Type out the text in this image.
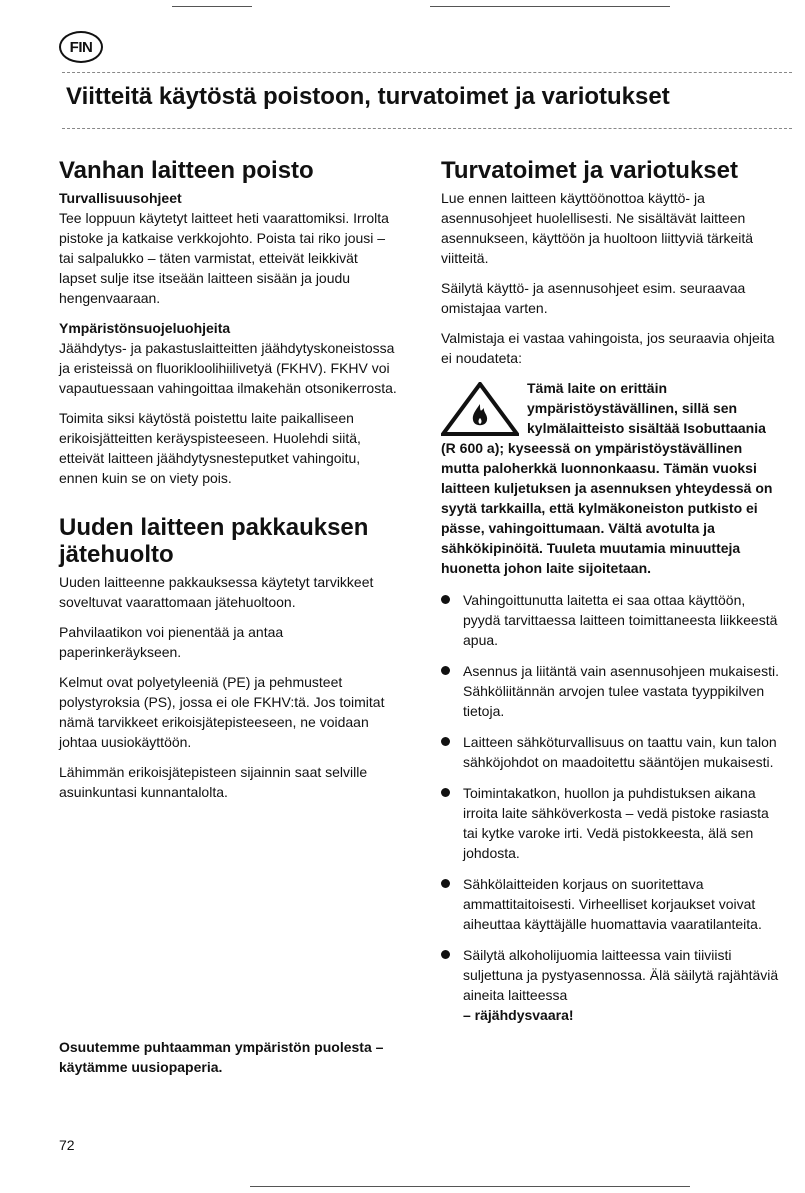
FIN
Viitteitä käytöstä poistoon, turvatoimet ja variotukset
Vanhan laitteen poisto
Turvallisuusohjeet

Tee loppuun käytetyt laitteet heti vaarattomiksi. Irrolta pistoke ja katkaise verkkojohto. Poista tai riko jousi – tai salpalukko – täten varmistat, etteivät leikkivät lapset sulje itse itseään laitteen sisään ja joudu hengenvaaraan.

Ympäristönsuojeluohjeita

Jäähdytys- ja pakastuslaitteitten jäähdytyskoneistossa ja eristeissä on fluorikloolihiilivetyä (FKHV). FKHV voi vapautuessaan vahingoittaa ilmakehän otsonikerrosta.

Toimita siksi käytöstä poistettu laite paikalliseen erikoisjätteitten keräyspisteeseen. Huolehdi siitä, etteivät laitteen jäähdytysnesteputket vahingoitu, ennen kuin se on viety pois.

Uuden laitteen pakkauksen jätehuolto

Uuden laitteenne pakkauksessa käytetyt tarvikkeet soveltuvat vaarattomaan jätehuoltoon.

Pahvilaatikon voi pienentää ja antaa paperinkeräykseen.

Kelmut ovat polyetyleeniä (PE) ja pehmusteet polystyroksia (PS), jossa ei ole FKHV:tä. Jos toimitat nämä tarvikkeet erikoisjätepisteeseen, ne voidaan johtaa uusiokäyttöön.

Lähimmän erikoisjätepisteen sijainnin saat selville asuinkuntasi kunnantalolta.

Turvatoimet ja variotukset

Lue ennen laitteen käyttöönottoa käyttö- ja asennusohjeet huolellisesti. Ne sisältävät laitteen asennukseen, käyttöön ja huoltoon liittyviä tärkeitä viitteitä.

Säilytä käyttö- ja asennusohjeet esim. seuraavaa omistajaa varten.

Valmistaja ei vastaa vahingoista, jos seuraavia ohjeita ei noudateta:

Tämä laite on erittäin ympäristöystävällinen, sillä sen kylmälaitteisto sisältää Isobuttaania (R 600 a); kyseessä on ympäristöystävällinen mutta paloherkkä luonnonkaasu. Tämän vuoksi laitteen kuljetuksen ja asennuksen yhteydessä on syytä tarkkailla, että kylmäkoneiston putkisto ei pässe, vahingoittumaan. Vältä avotulta ja sähkökipinöitä. Tuuleta muutamia minuutteja huonetta johon laite sijoitetaan.
Vahingoittunutta laitetta ei saa ottaa käyttöön, pyydä tarvittaessa laitteen toimittaneesta liikkeestä apua.
Asennus ja liitäntä vain asennusohjeen mukaisesti. Sähköliitännän arvojen tulee vastata tyyppikilven tietoja.
Laitteen sähköturvallisuus on taattu vain, kun talon sähköjohdot on maadoitettu sääntöjen mukaisesti.
Toimintakatkon, huollon ja puhdistuksen aikana irroita laite sähköverkosta – vedä pistoke rasiasta tai kytke varoke irti. Vedä pistokkeesta, älä sen johdosta.
Sähkölaitteiden korjaus on suoritettava ammattitaitoisesti. Virheelliset korjaukset voivat aiheuttaa käyttäjälle huomattavia vaaratilanteita.
Säilytä alkoholijuomia laitteessa vain tiiviisti suljettuna ja pystyasennossa. Älä säilytä rajähtäviä aineita laitteessa
– räjähdysvaara!
Osuutemme puhtaamman ympäristön puolesta – käytämme uusiopaperia.
72
